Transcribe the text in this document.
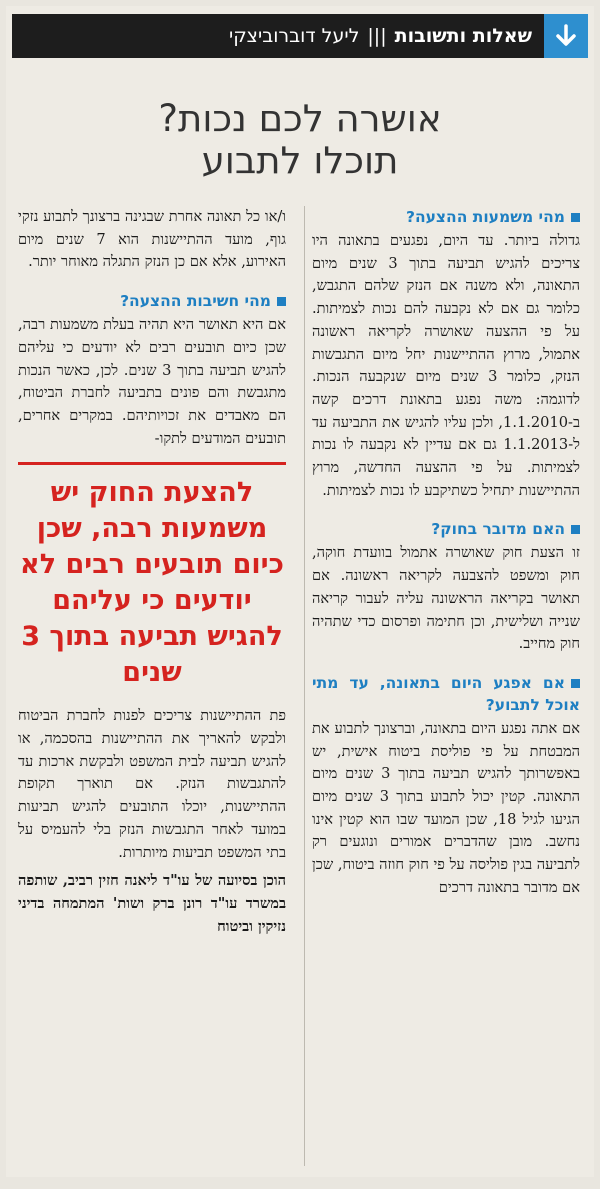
שאלות ותשובות
|||
ליעל דוברוביצקי
אושרה לכם נכות?
תוכלו לתבוע
מהי משמעות ההצעה?

גדולה ביותר. עד היום, נפגעים בתאונה היו צריכים להגיש תביעה בתוך 3 שנים מיום התאונה, ולא משנה אם הנזק שלהם התגבש, כלומר גם אם לא נקבעה להם נכות לצמיתות. על פי ההצעה שאושרה לקריאה ראשונה אתמול, מרוץ ההתיישנות יחל מיום התגבשות הנזק, כלומר 3 שנים מיום שנקבעה הנכות. לדוגמה: משה נפגע בתאונת דרכים קשה ב-1.1.2010, ולכן עליו להגיש את התביעה עד ל-1.1.2013 גם אם עדיין לא נקבעה לו נכות לצמיתות. על פי ההצעה החדשה, מרוץ ההתיישנות יתחיל כשתיקבע לו נכות לצמיתות.

האם מדובר בחוק?

זו הצעת חוק שאושרה אתמול בוועדת חוקה, חוק ומשפט להצבעה לקריאה ראשונה. אם תאושר בקריאה הראשונה עליה לעבור קריאה שנייה ושלישית, וכן חתימה ופרסום כדי שתהיה חוק מחייב.

אם אפגע היום בתאונה, עד מתי אוכל לתבוע?

אם אתה נפגע היום בתאונה, וברצונך לתבוע את המבטחת על פי פוליסת ביטוח אישית, יש באפשרותך להגיש תביעה בתוך 3 שנים מיום התאונה. קטין יכול לתבוע בתוך 3 שנים מיום הגיעו לגיל 18, שכן המועד שבו הוא קטין אינו נחשב. מובן שהדברים אמורים ונוגעים רק לתביעה בגין פוליסה על פי חוק חוזה ביטוח, שכן אם מדובר בתאונה דרכים

ו/או כל תאונה אחרת שבגינה ברצונך לתבוע נזקי גוף, מועד ההתיישנות הוא 7 שנים מיום האירוע, אלא אם כן הנזק התגלה מאוחר יותר.

מהי חשיבות ההצעה?

אם היא תאושר היא תהיה בעלת משמעות רבה, שכן כיום תובעים רבים לא יודעים כי עליהם להגיש תביעה בתוך 3 שנים. לכן, כאשר הנכות מתגבשת והם פונים בתביעה לחברת הביטוח, הם מאבדים את זכויותיהם. במקרים אחרים, תובעים המודעים לתקו-

להצעת החוק יש משמעות רבה, שכן כיום תובעים רבים לא יודעים כי עליהם להגיש תביעה בתוך 3 שנים

פת ההתיישנות צריכים לפנות לחברת הביטוח ולבקש להאריך את ההתיישנות בהסכמה, או להגיש תביעה לבית המשפט ולבקשת ארכות עד להתגבשות הנזק. אם תוארך תקופת ההתיישנות, יוכלו התובעים להגיש תביעות במועד לאחר התגבשות הנזק בלי להעמיס על בתי המשפט תביעות מיותרות.

הוכן בסיועה של עו"ד ליאנה חזין רביב, שותפה במשרד עו"ד רונן ברק ושות' המתמחה בדיני נזיקין וביטוח
